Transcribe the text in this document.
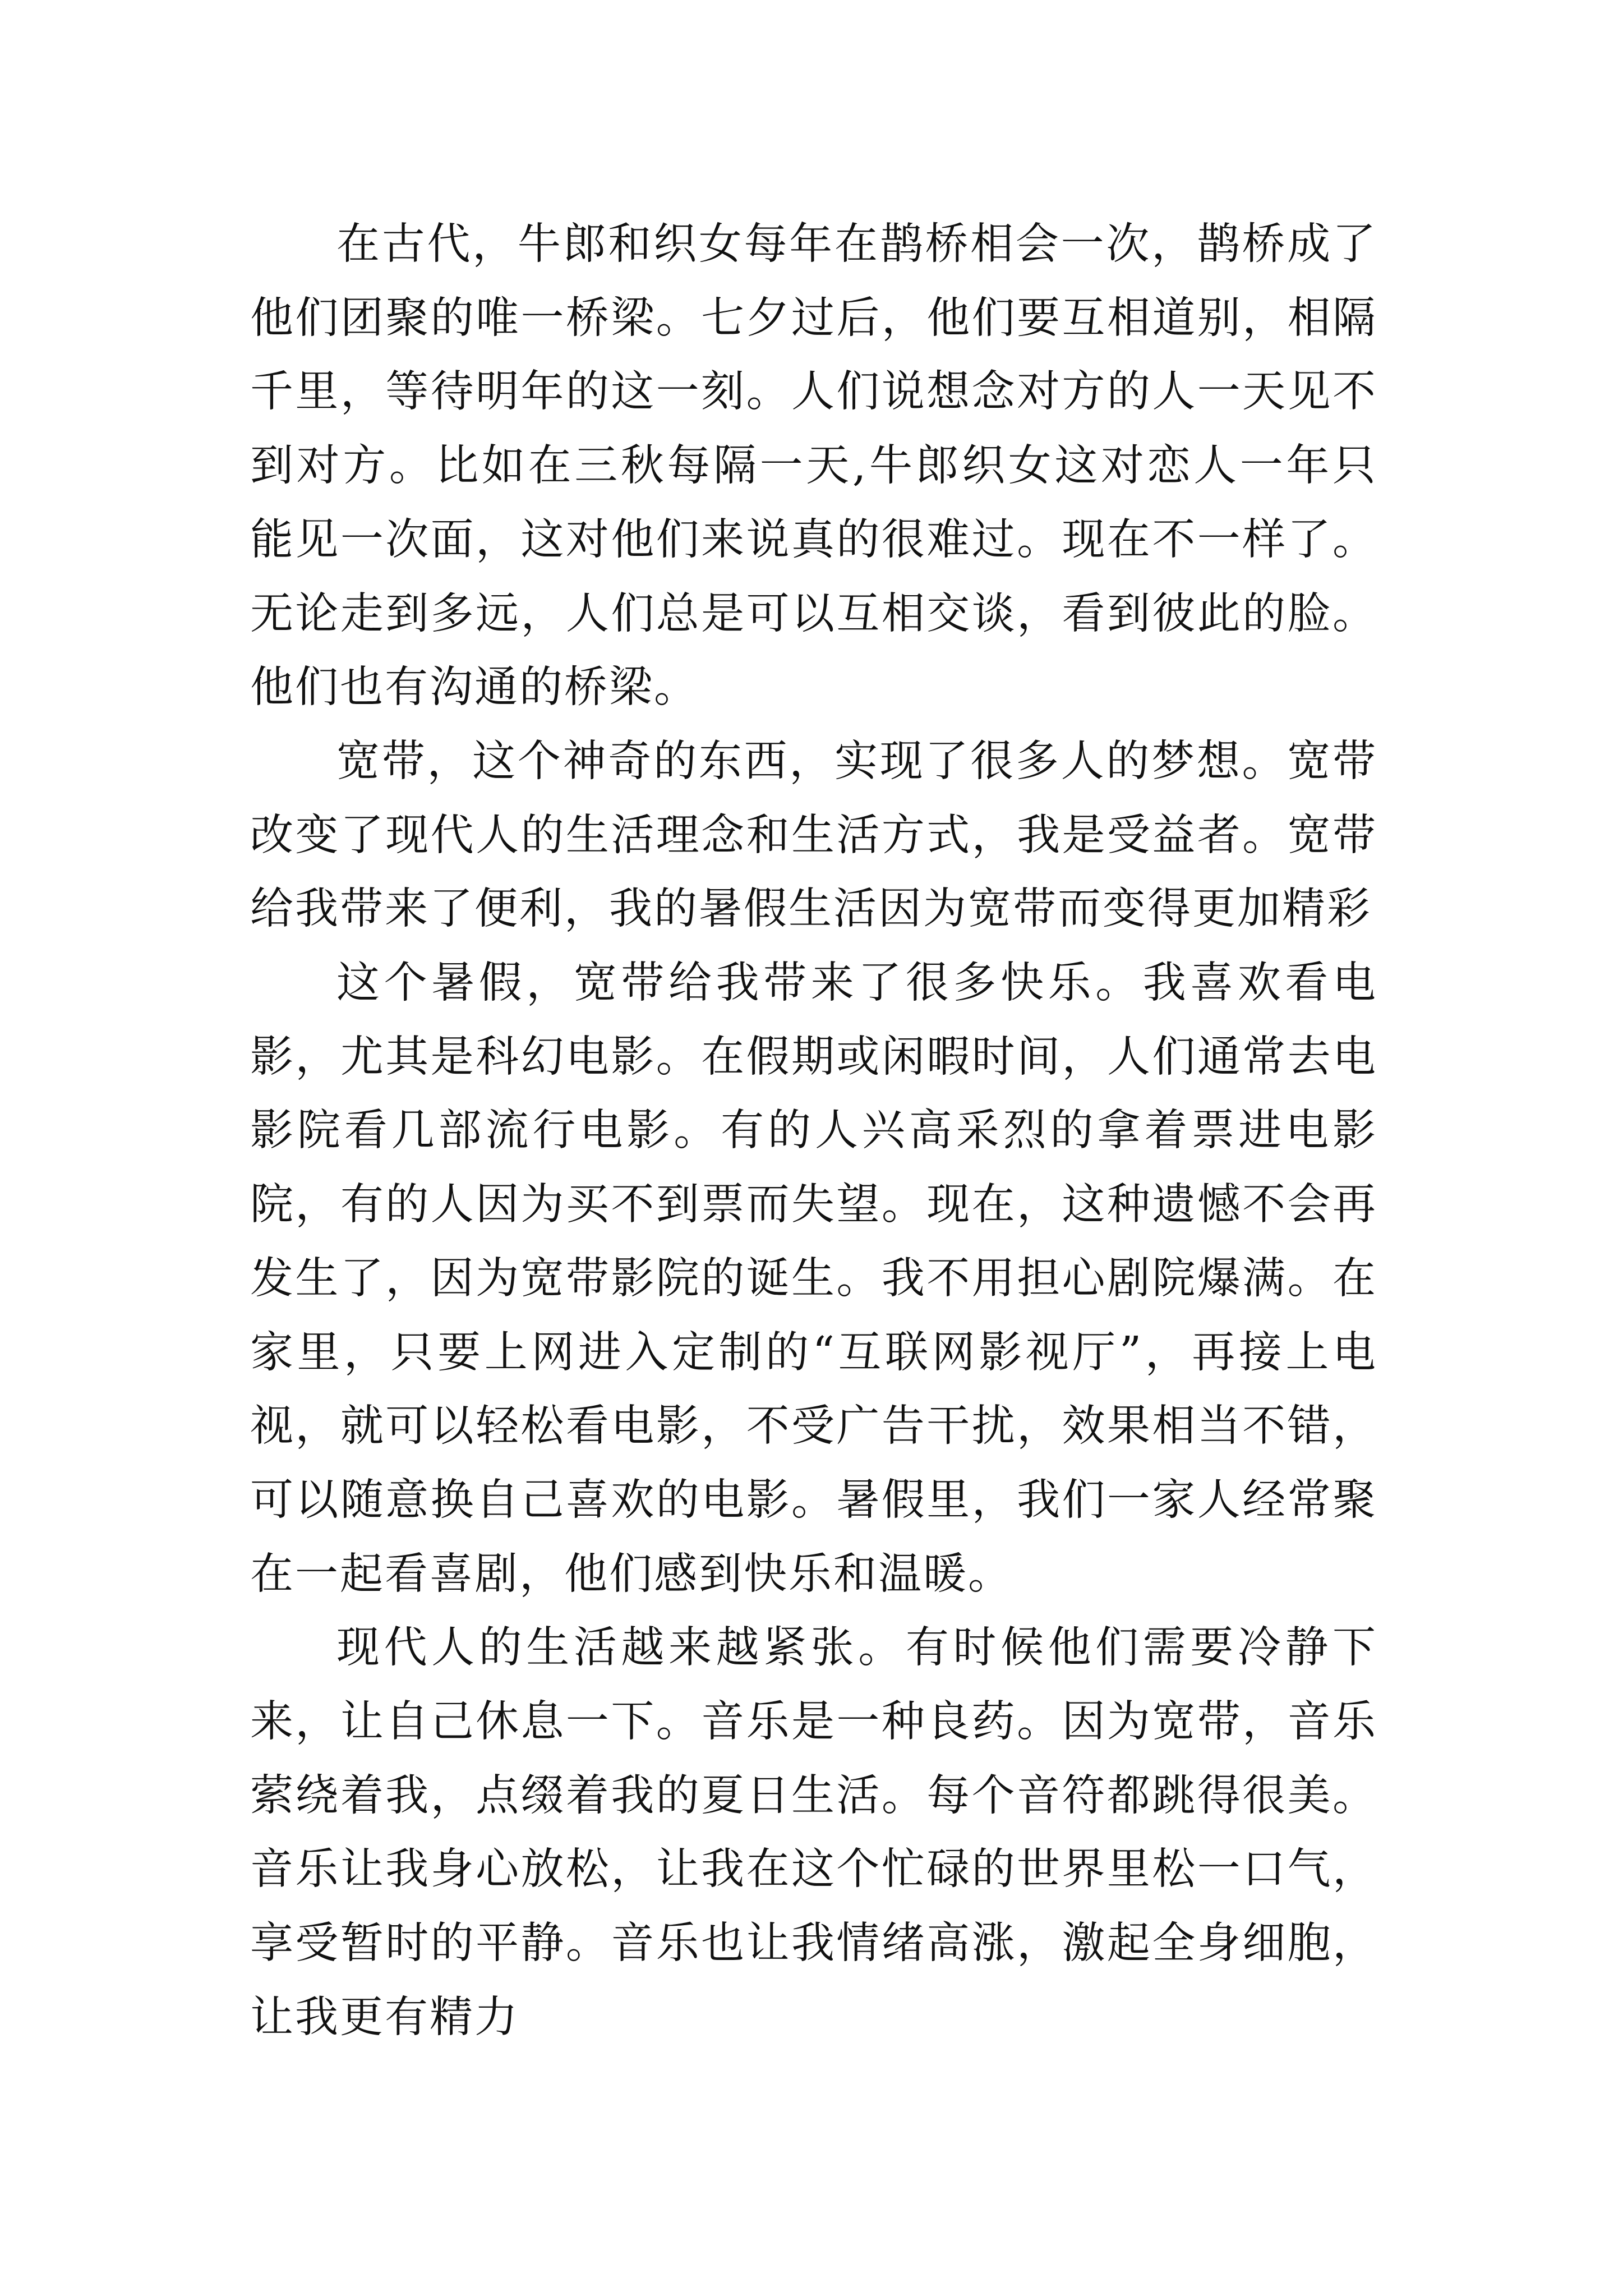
在古代，牛郎和织女每年在鹊桥相会一次，鹊桥成了他们团聚的唯一桥梁。七夕过后，他们要互相道别，相隔千里，等待明年的这一刻。人们说想念对方的人一天见不到对方。比如在三秋每隔一天,牛郎织女这对恋人一年只能见一次面，这对他们来说真的很难过。现在不一样了。无论走到多远，人们总是可以互相交谈，看到彼此的脸。他们也有沟通的桥梁。

宽带，这个神奇的东西，实现了很多人的梦想。宽带改变了现代人的生活理念和生活方式，我是受益者。宽带给我带来了便利，我的暑假生活因为宽带而变得更加精彩

这个暑假，宽带给我带来了很多快乐。我喜欢看电影，尤其是科幻电影。在假期或闲暇时间，人们通常去电影院看几部流行电影。有的人兴高采烈的拿着票进电影院，有的人因为买不到票而失望。现在，这种遗憾不会再发生了，因为宽带影院的诞生。我不用担心剧院爆满。在家里，只要上网进入定制的“互联网影视厅”，再接上电视，就可以轻松看电影，不受广告干扰，效果相当不错，可以随意换自己喜欢的电影。暑假里，我们一家人经常聚在一起看喜剧，他们感到快乐和温暖。

现代人的生活越来越紧张。有时候他们需要冷静下来，让自己休息一下。音乐是一种良药。因为宽带，音乐萦绕着我，点缀着我的夏日生活。每个音符都跳得很美。音乐让我身心放松，让我在这个忙碌的世界里松一口气，享受暂时的平静。音乐也让我情绪高涨，激起全身细胞，让我更有精力
